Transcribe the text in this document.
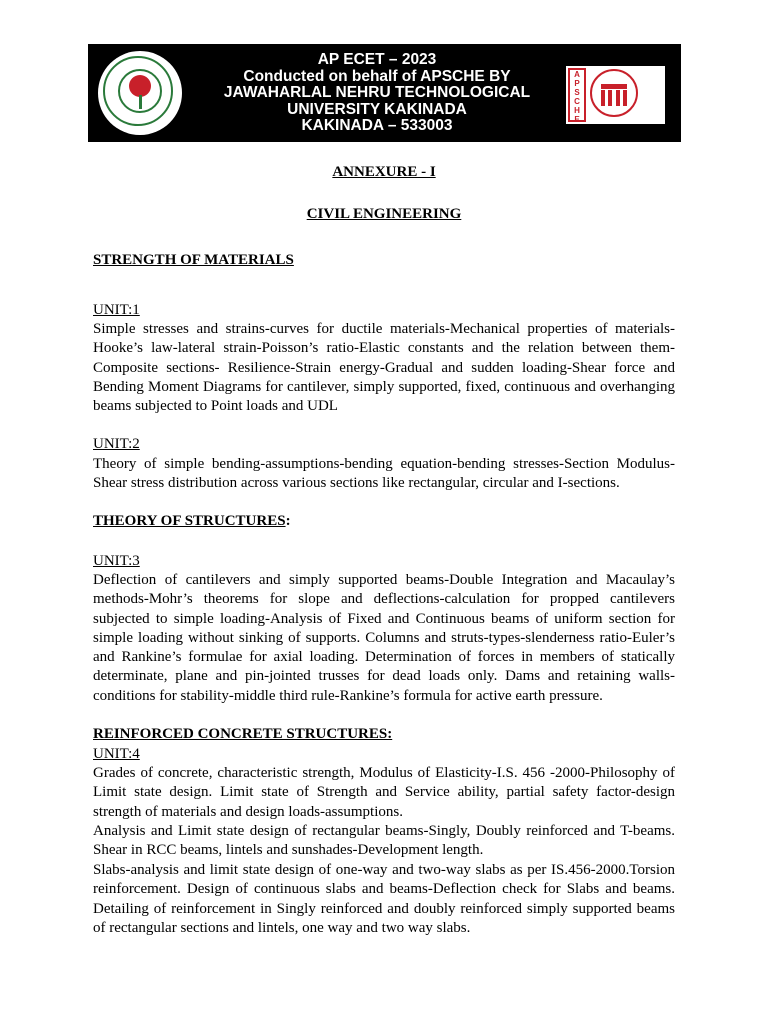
AP ECET – 2023
Conducted on behalf of APSCHE BY
JAWAHARLAL NEHRU TECHNOLOGICAL
UNIVERSITY KAKINADA
KAKINADA – 533003
A
P
S
C
H
E
ANNEXURE - I
CIVIL ENGINEERING
STRENGTH OF MATERIALS
UNIT:1
Simple stresses and strains-curves for ductile materials-Mechanical properties of materials-Hooke’s law-lateral strain-Poisson’s ratio-Elastic constants and the relation between them-Composite sections- Resilience-Strain energy-Gradual and sudden loading-Shear force and Bending Moment Diagrams for cantilever, simply supported, fixed, continuous and overhanging beams subjected to Point loads and UDL
UNIT:2
Theory of simple bending-assumptions-bending equation-bending stresses-Section Modulus-Shear stress distribution across various sections like rectangular, circular and I-sections.
THEORY OF STRUCTURES:
UNIT:3
Deflection of cantilevers and simply supported beams-Double Integration and Macaulay’s methods-Mohr’s theorems for slope and deflections-calculation for propped cantilevers subjected to simple loading-Analysis of Fixed and Continuous beams of uniform section for simple loading without sinking of supports. Columns and struts-types-slenderness ratio-Euler’s and Rankine’s formulae for axial loading. Determination of forces in members of statically determinate, plane and pin-jointed trusses for dead loads only. Dams and retaining walls-conditions for stability-middle third rule-Rankine’s formula for active earth pressure.
REINFORCED CONCRETE STRUCTURES:
UNIT:4
Grades of concrete, characteristic strength, Modulus of Elasticity-I.S. 456 -2000-Philosophy of Limit state design. Limit state of Strength and Service ability, partial safety factor-design strength of materials and design loads-assumptions.
Analysis and Limit state design of rectangular beams-Singly, Doubly reinforced and T-beams. Shear in RCC beams, lintels and sunshades-Development length.
Slabs-analysis and limit state design of one-way and two-way slabs as per IS.456-2000.Torsion reinforcement. Design of continuous slabs and beams-Deflection check for Slabs and beams. Detailing of reinforcement in Singly reinforced and doubly reinforced simply supported beams of rectangular sections and lintels, one way and two way slabs.
